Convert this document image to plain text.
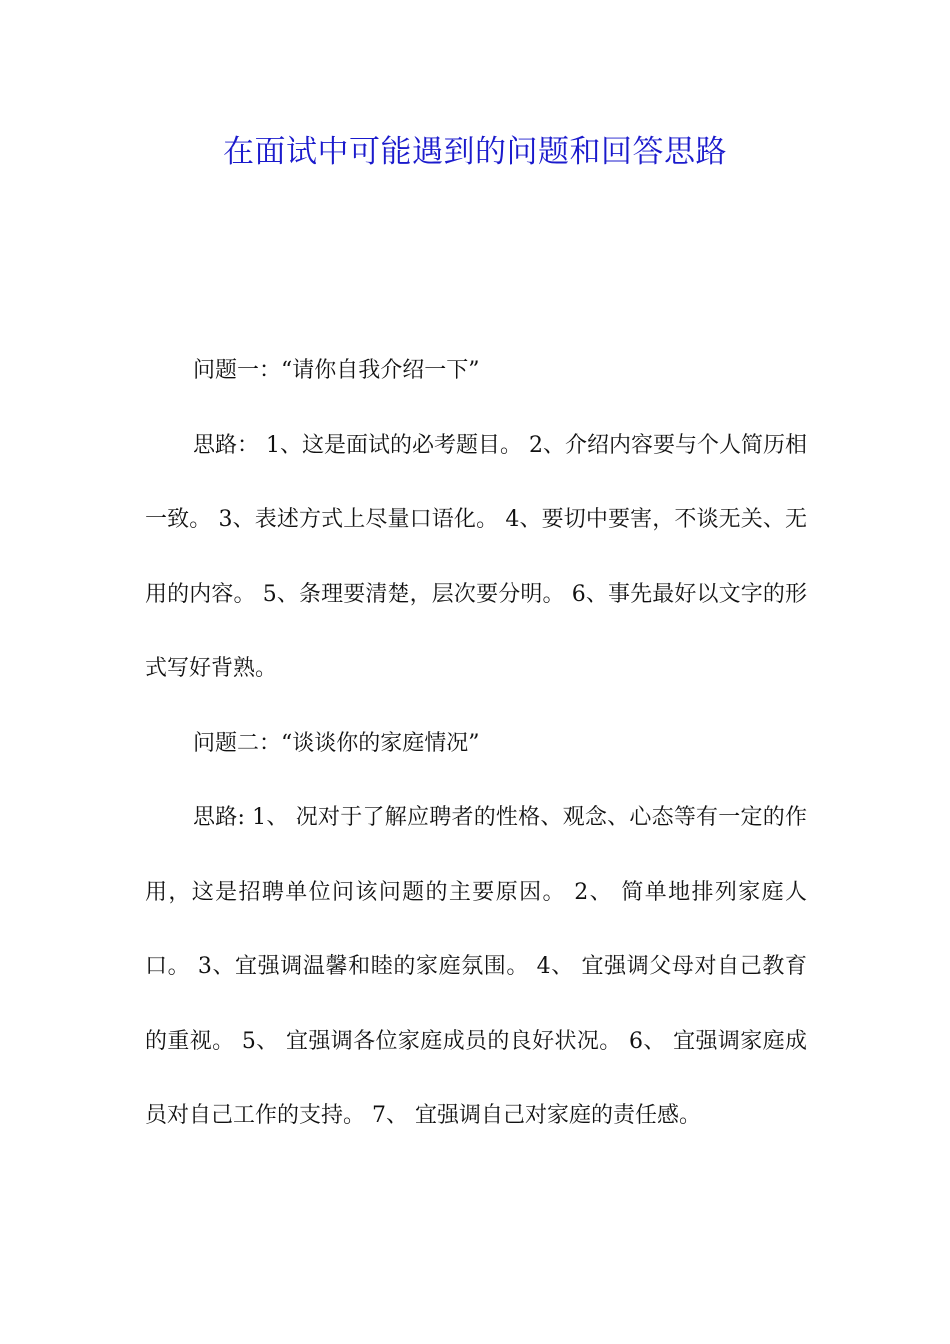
在面试中可能遇到的问题和回答思路

问题一：“请你自我介绍一下”

思路： 1、这是面试的必考题目。 2、介绍内容要与个人简历相一致。 3、表述方式上尽量口语化。 4、要切中要害，不谈无关、无用的内容。 5、条理要清楚，层次要分明。 6、事先最好以文字的形式写好背熟。

问题二：“谈谈你的家庭情况”

思路: 1、 况对于了解应聘者的性格、观念、心态等有一定的作用，这是招聘单位问该问题的主要原因。 2、 简单地排列家庭人口。 3、宜强调温馨和睦的家庭氛围。 4、 宜强调父母对自己教育的重视。 5、 宜强调各位家庭成员的良好状况。 6、 宜强调家庭成员对自己工作的支持。 7、 宜强调自己对家庭的责任感。
